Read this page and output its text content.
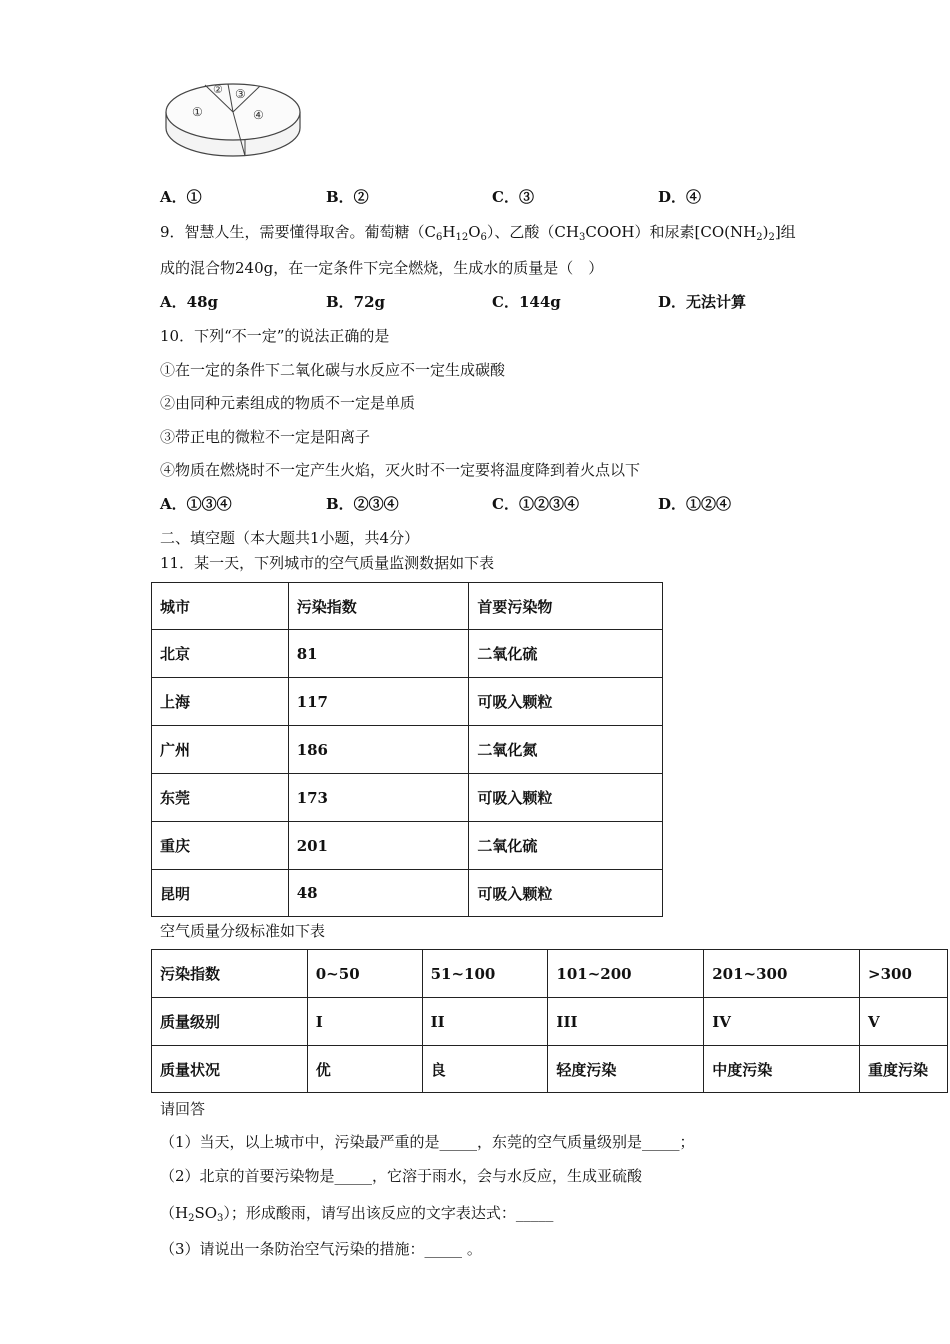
①
② ③
④
A．①	B．②	C．③	D．④
9．智慧人生，需要懂得取舍。葡萄糖$(C_6H_{12}O_6)$、乙酸$(CH_3COOH)$和尿素$[CO(NH_2)_2]$组
成的混合物240g，在一定条件下完全燃烧，生成水的质量是（　）
A．48g	B．72g	C．144g	D．无法计算
10．下列“不一定”的说法正确的是
①在一定的条件下二氧化碳与水反应不一定生成碳酸
②由同种元素组成的物质不一定是单质
③带正电的微粒不一定是阳离子
④物质在燃烧时不一定产生火焰，灭火时不一定要将温度降到着火点以下
A．①③④	B．②③④	C．①②③④	D．①②④
二、填空题（本大题共1小题，共4分）
11．某一天，下列城市的空气质量监测数据如下表
城市	污染指数	首要污染物
北京	81	二氧化硫
上海	117	可吸入颗粒
广州	186	二氧化氮
东莞	173	可吸入颗粒
重庆	201	二氧化硫
昆明	48	可吸入颗粒
空气质量分级标准如下表
污染指数	0~50	51~100	101~200	201~300	>300
质量级别	I	II	III	IV	V
质量状况	优	良	轻度污染	中度污染	重度污染
请回答
（1）当天，以上城市中，污染最严重的是_____，东莞的空气质量级别是_____；
（2）北京的首要污染物是_____，它溶于雨水，会与水反应，生成亚硫酸
$(H_2SO_3)$；形成酸雨，请写出该反应的文字表达式：_____
（3）请说出一条防治空气污染的措施：_____ 。
